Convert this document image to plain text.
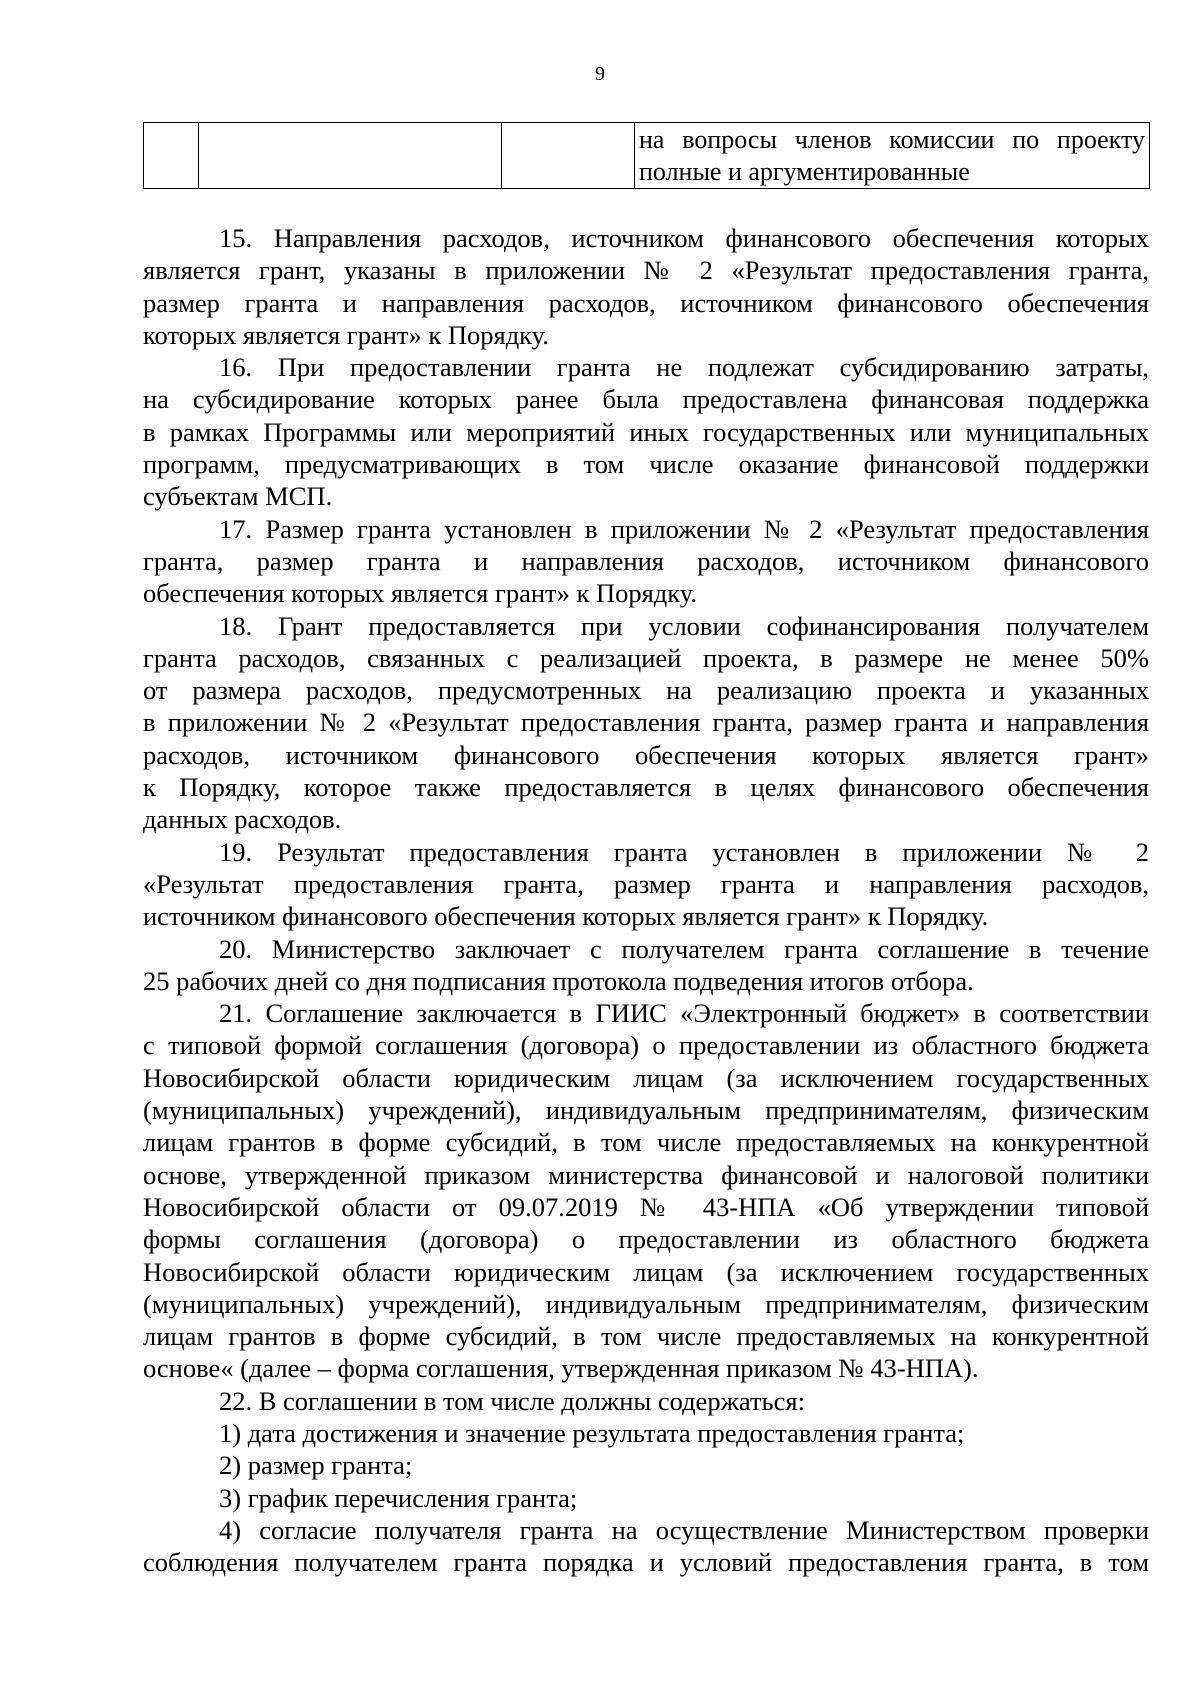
9

на вопросы членов комиссии по проекту
полные и аргументированные
15. Направления расходов, источником финансового обеспечения которых
является грант, указаны в приложении № 2 «Результат предоставления гранта,
размер гранта и направления расходов, источником финансового обеспечения
которых является грант» к Порядку.
16. При предоставлении гранта не подлежат субсидированию затраты,
на субсидирование которых ранее была предоставлена финансовая поддержка
в рамках Программы или мероприятий иных государственных или муниципальных
программ, предусматривающих в том числе оказание финансовой поддержки
субъектам МСП.
17. Размер гранта установлен в приложении № 2 «Результат предоставления
гранта, размер гранта и направления расходов, источником финансового
обеспечения которых является грант» к Порядку.
18. Грант предоставляется при условии софинансирования получателем
гранта расходов, связанных с реализацией проекта, в размере не менее 50%
от размера расходов, предусмотренных на реализацию проекта и указанных
в приложении № 2 «Результат предоставления гранта, размер гранта и направления
расходов, источником финансового обеспечения которых является грант»
к Порядку, которое также предоставляется в целях финансового обеспечения
данных расходов.
19. Результат предоставления гранта установлен в приложении № 2
«Результат предоставления гранта, размер гранта и направления расходов,
источником финансового обеспечения которых является грант» к Порядку.
20. Министерство заключает с получателем гранта соглашение в течение
25 рабочих дней со дня подписания протокола подведения итогов отбора.
21. Соглашение заключается в ГИИС «Электронный бюджет» в соответствии
с типовой формой соглашения (договора) о предоставлении из областного бюджета
Новосибирской области юридическим лицам (за исключением государственных
(муниципальных) учреждений), индивидуальным предпринимателям, физическим
лицам грантов в форме субсидий, в том числе предоставляемых на конкурентной
основе, утвержденной приказом министерства финансовой и налоговой политики
Новосибирской области от 09.07.2019 № 43-НПА «Об утверждении типовой
формы соглашения (договора) о предоставлении из областного бюджета
Новосибирской области юридическим лицам (за исключением государственных
(муниципальных) учреждений), индивидуальным предпринимателям, физическим
лицам грантов в форме субсидий, в том числе предоставляемых на конкурентной
основе« (далее – форма соглашения, утвержденная приказом № 43-НПА).
22. В соглашении в том числе должны содержаться:
1) дата достижения и значение результата предоставления гранта;
2) размер гранта;
3) график перечисления гранта;
4) согласие получателя гранта на осуществление Министерством проверки
соблюдения получателем гранта порядка и условий предоставления гранта, в том
